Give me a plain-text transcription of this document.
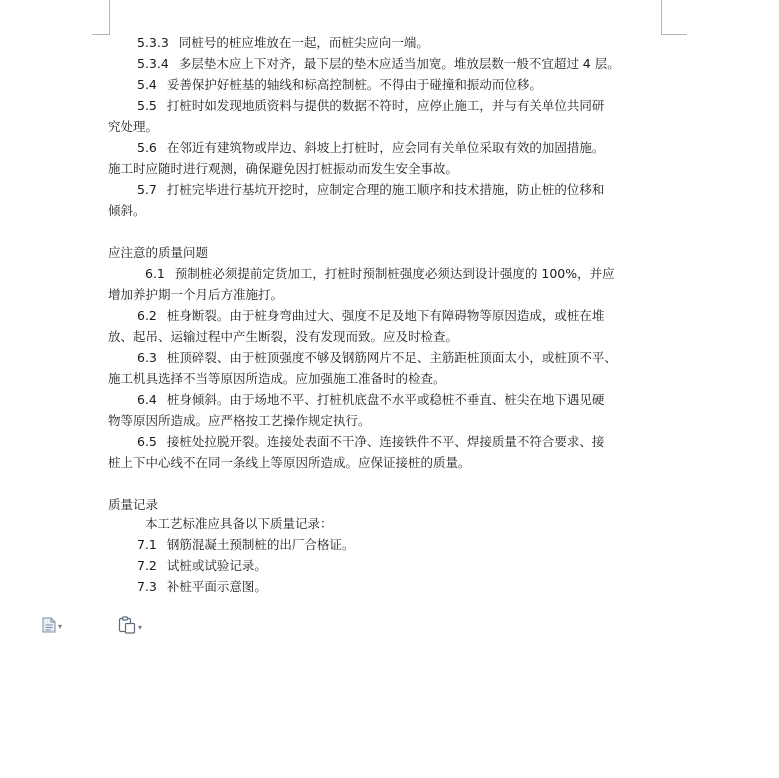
5.3.3 同桩号的桩应堆放在一起，而桩尖应向一端。
5.3.4 多层垫木应上下对齐，最下层的垫木应适当加宽。堆放层数一般不宜超过 4 层。
5.4 妥善保护好桩基的轴线和标高控制桩。不得由于碰撞和振动而位移。
5.5 打桩时如发现地质资料与提供的数据不符时，应停止施工，并与有关单位共同研
究处理。
5.6 在邻近有建筑物或岸边、斜坡上打桩时，应会同有关单位采取有效的加固措施。
施工时应随时进行观测，确保避免因打桩振动而发生安全事故。
5.7 打桩完毕进行基坑开挖时，应制定合理的施工顺序和技术措施，防止桩的位移和
倾斜。
应注意的质量问题
6.1 预制桩必须提前定货加工，打桩时预制桩强度必须达到设计强度的 100%，并应
增加养护期一个月后方准施打。
6.2 桩身断裂。由于桩身弯曲过大、强度不足及地下有障碍物等原因造成，或桩在堆
放、起吊、运输过程中产生断裂，没有发现而致。应及时检查。
6.3 桩顶碎裂、由于桩顶强度不够及钢筋网片不足、主筋距桩顶面太小，或桩顶不平、
施工机具选择不当等原因所造成。应加强施工准备时的检查。
6.4 桩身倾斜。由于场地不平、打桩机底盘不水平或稳桩不垂直、桩尖在地下遇见硬
物等原因所造成。应严格按工艺操作规定执行。
6.5 接桩处拉脱开裂。连接处表面不干净、连接铁件不平、焊接质量不符合要求、接
桩上下中心线不在同一条线上等原因所造成。应保证接桩的质量。
质量记录
本工艺标准应具备以下质量记录：
7.1 钢筋混凝土预制桩的出厂合格证。
7.2 试桩或试验记录。
7.3 补桩平面示意图。
▾	▾
